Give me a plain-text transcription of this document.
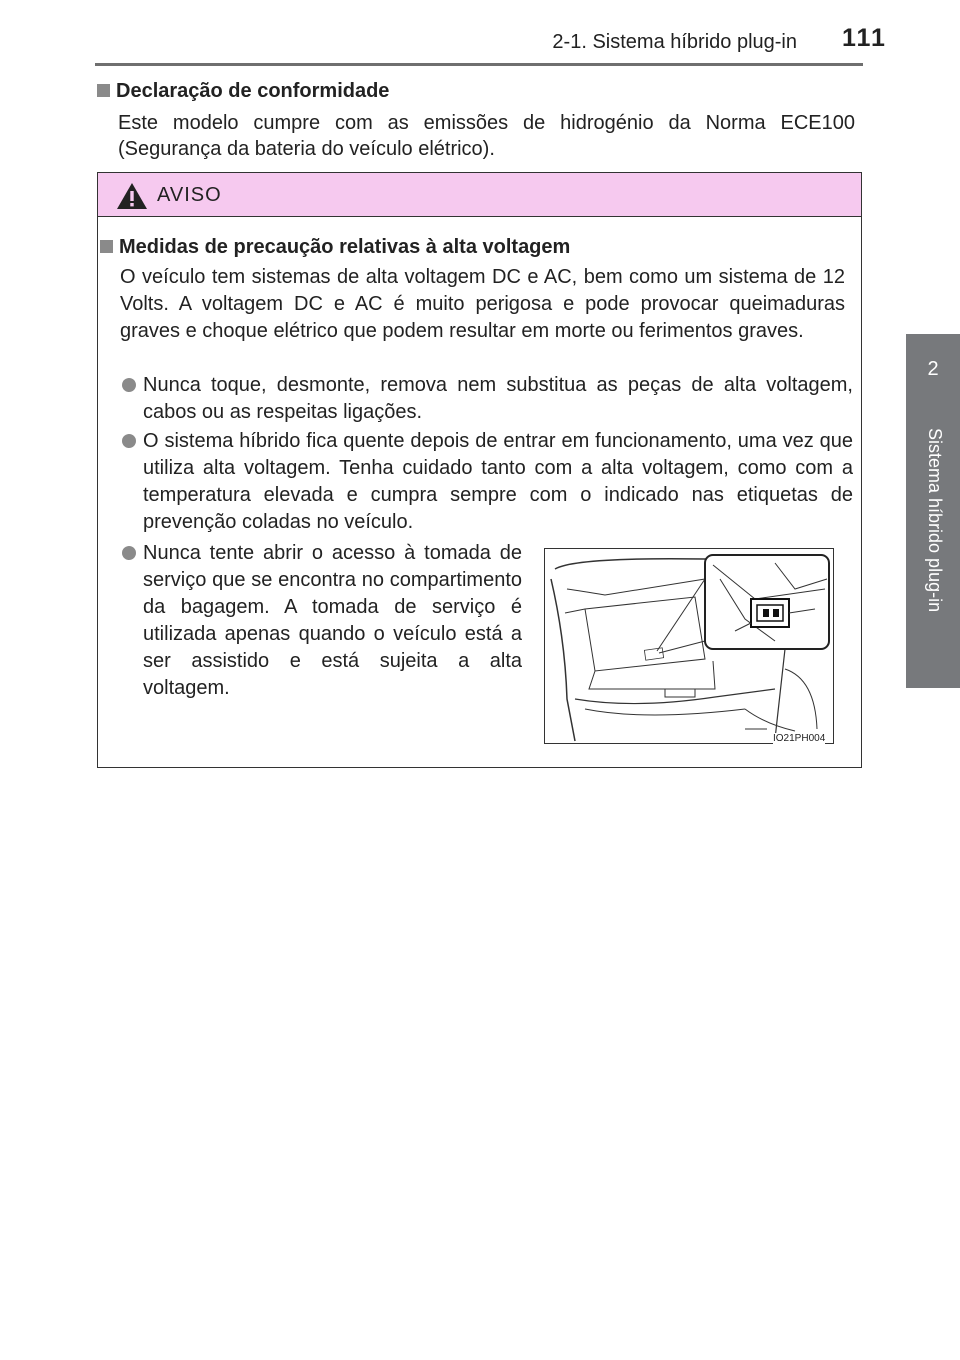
2-1. Sistema híbrido plug-in 111
2
Sistema híbrido plug-in
Declaração de conformidade
Este modelo cumpre com as emissões de hidrogénio da Norma ECE100 (Segurança da bateria do veículo elétrico).
AVISO
Medidas de precaução relativas à alta voltagem
O veículo tem sistemas de alta voltagem DC e AC, bem como um sistema de 12 Volts. A voltagem DC e AC é muito perigosa e pode provocar queimaduras graves e choque elétrico que podem resultar em morte ou ferimentos graves.
Nunca toque, desmonte, remova nem substitua as peças de alta voltagem, cabos ou as respeitas ligações.
O sistema híbrido fica quente depois de entrar em funcionamento, uma vez que utiliza alta voltagem. Tenha cuidado tanto com a alta voltagem, como com a temperatura elevada e cumpra sempre com o indicado nas etiquetas de prevenção coladas no veículo.
Nunca tente abrir o acesso à tomada de serviço que se encontra no compartimento da bagagem. A tomada de serviço é utilizada apenas quando o veículo está a ser assistido e está sujeita a alta voltagem.
IO21PH004
